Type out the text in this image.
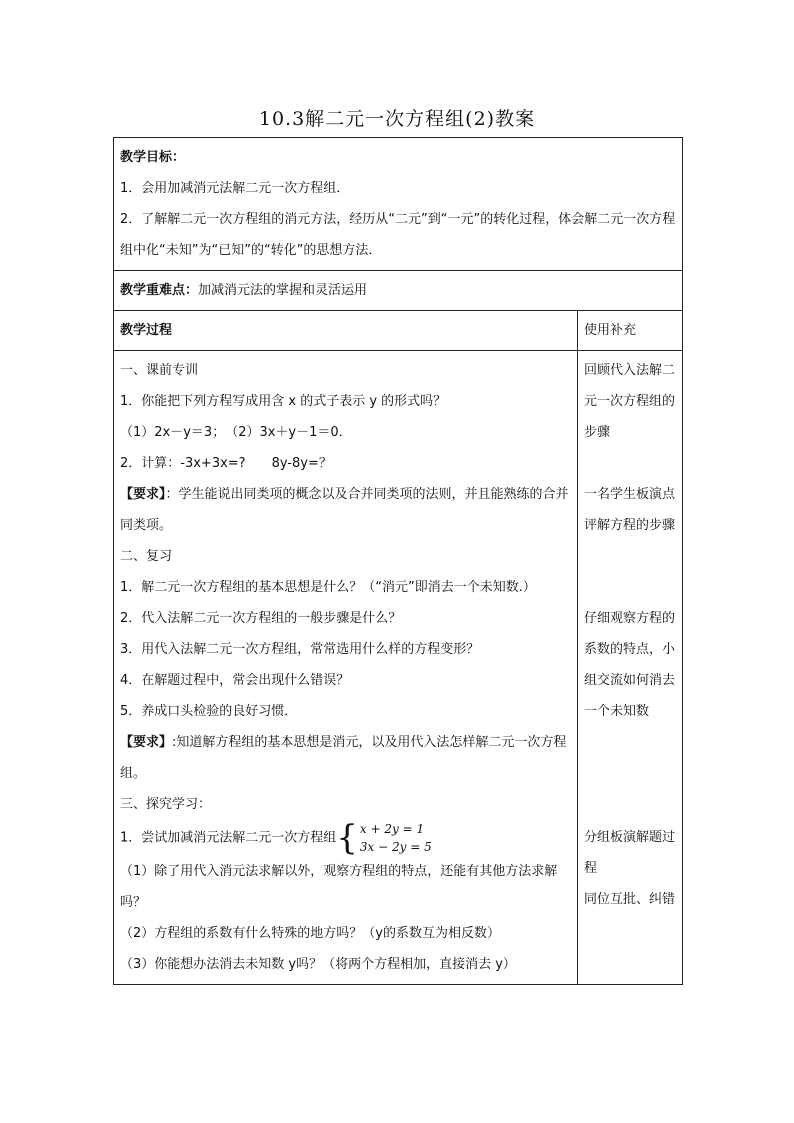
10.3解二元一次方程组(2)教案

教学目标：

1．会用加减消元法解二元一次方程组．

2．了解解二元一次方程组的消元方法，经历从“二元”到“一元”的转化过程，体会解二元一次方程组中化“未知”为“已知”的“转化”的思想方法．

教学重难点：加减消元法的掌握和灵活运用
教学过程	使用补充

一、课前专训

1．你能把下列方程写成用含 x 的式子表示 y 的形式吗？

（1）2x－y＝3；　（2）3x＋y－1＝0．

2．计算：-3x+3x=?　　8y-8y=？

【要求】：学生能说出同类项的概念以及合并同类项的法则，并且能熟练的合并同类项。

二、复习

1．解二元一次方程组的基本思想是什么？（“消元”即消去一个未知数.）

2．代入法解二元一次方程组的一般步骤是什么？

3．用代入法解二元一次方程组，常常选用什么样的方程变形？

4．在解题过程中，常会出现什么错误？

5．养成口头检验的良好习惯．

【要求】:知道解方程组的基本思想是消元，以及用代入法怎样解二元一次方程组。

三、探究学习：

1．尝试加减消元法解二元一次方程组 { x + 2y = 1
3x − 2y = 5

（1）除了用代入消元法求解以外，观察方程组的特点，还能有其他方法求解吗？

（2）方程组的系数有什么特殊的地方吗？（y的系数互为相反数）

（3）你能想办法消去未知数 y吗？（将两个方程相加，直接消去 y）

回顾代入法解二元一次方程组的步骤

一名学生板演点评解方程的步骤

仔细观察方程的系数的特点，小组交流如何消去一个未知数

分组板演解题过程

同位互批、纠错
